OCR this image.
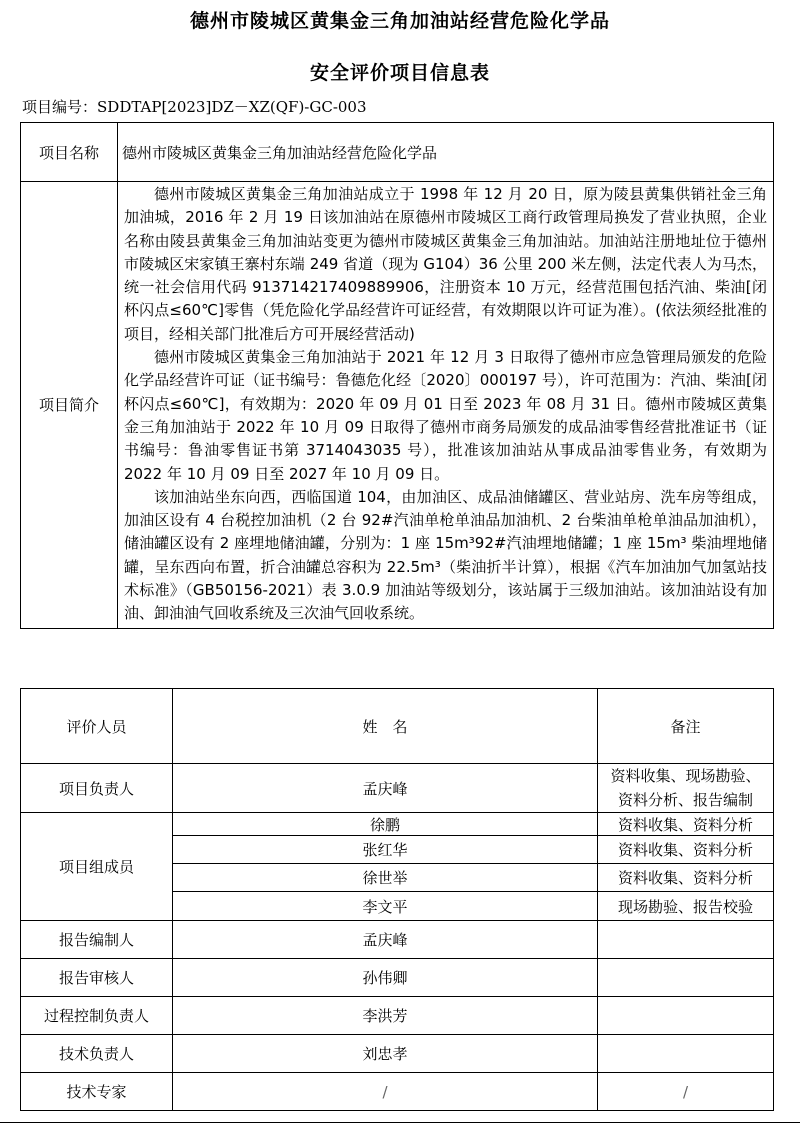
德州市陵城区黄集金三角加油站经营危险化学品
安全评价项目信息表
项目编号：SDDTAP[2023]DZ－XZ(QF)-GC-003
项目名称	德州市陵城区黄集金三角加油站经营危险化学品
项目简介	德州市陵城区黄集金三角加油站成立于 1998 年 12 月 20 日，原为陵县黄集供销社金三角加油城，2016 年 2 月 19 日该加油站在原德州市陵城区工商行政管理局换发了营业执照，企业名称由陵县黄集金三角加油站变更为德州市陵城区黄集金三角加油站。加油站注册地址位于德州市陵城区宋家镇王寨村东端 249 省道（现为 G104）36 公里 200 米左侧，法定代表人为马杰，统一社会信用代码 913714217409889906，注册资本 10 万元，经营范围包括汽油、柴油[闭杯闪点≤60℃]零售（凭危险化学品经营许可证经营，有效期限以许可证为准）。(依法须经批准的项目，经相关部门批准后方可开展经营活动)

德州市陵城区黄集金三角加油站于 2021 年 12 月 3 日取得了德州市应急管理局颁发的危险化学品经营许可证（证书编号：鲁德危化经〔2020〕000197 号），许可范围为：汽油、柴油[闭杯闪点≤60℃]，有效期为：2020 年 09 月 01 日至 2023 年 08 月 31 日。德州市陵城区黄集金三角加油站于 2022 年 10 月 09 日取得了德州市商务局颁发的成品油零售经营批准证书（证书编号：鲁油零售证书第 3714043035 号），批准该加油站从事成品油零售业务，有效期为 2022 年 10 月 09 日至 2027 年 10 月 09 日。

该加油站坐东向西，西临国道 104，由加油区、成品油储罐区、营业站房、洗车房等组成，加油区设有 4 台税控加油机（2 台 92#汽油单枪单油品加油机、2 台柴油单枪单油品加油机），储油罐区设有 2 座埋地储油罐，分别为：1 座 15m³92#汽油埋地储罐；1 座 15m³ 柴油埋地储罐，呈东西向布置，折合油罐总容积为 22.5m³（柴油折半计算），根据《汽车加油加气加氢站技术标准》（GB50156-2021）表 3.0.9 加油站等级划分，该站属于三级加油站。该加油站设有加油、卸油油气回收系统及三次油气回收系统。

评价人员	姓　名	备注
项目负责人	孟庆峰	资料收集、现场勘验、
资料分析、报告编制
项目组成员	徐鹏	资料收集、资料分析
	张红华	资料收集、资料分析
	徐世举	资料收集、资料分析
	李文平	现场勘验、报告校验
报告编制人	孟庆峰	
报告审核人	孙伟卿	
过程控制负责人	李洪芳	
技术负责人	刘忠孝	
技术专家	/	/
